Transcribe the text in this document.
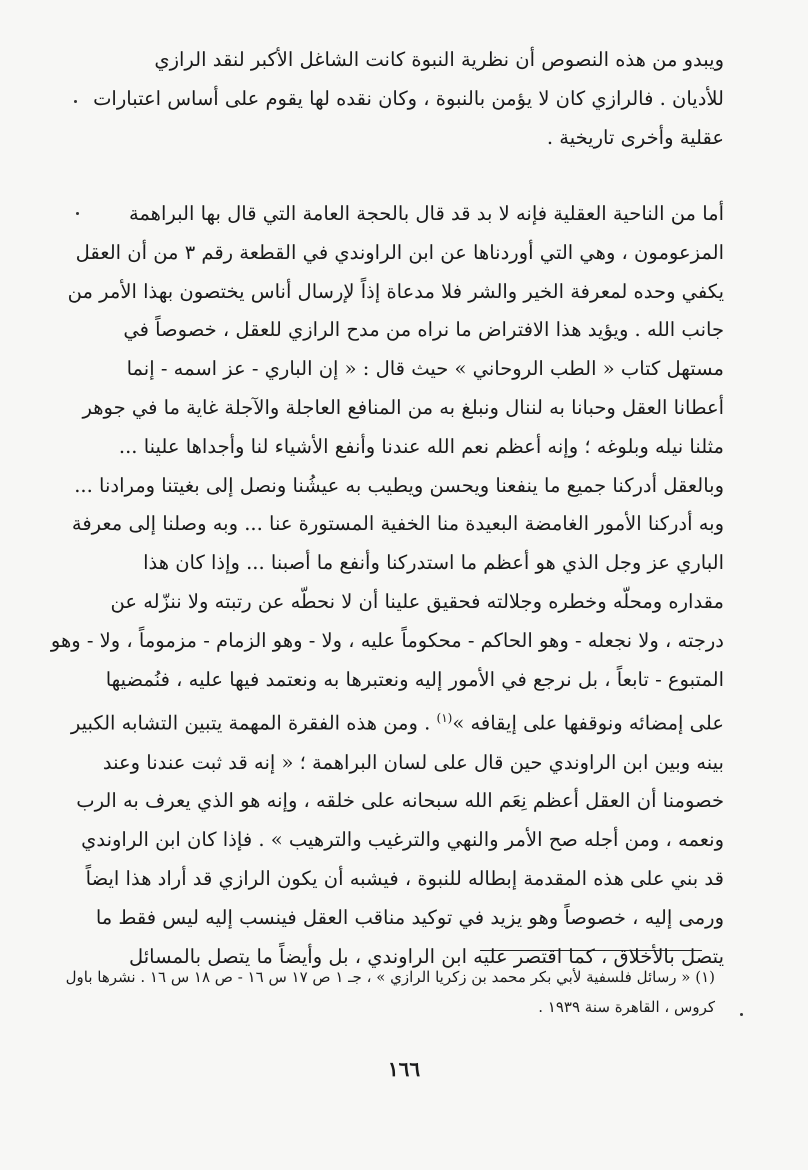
ويبدو من هذه النصوص أن نظرية النبوة كانت الشاغل الأكبر لنقد الرازي
للأديان . فالرازي كان لا يؤمن بالنبوة ، وكان نقده لها يقوم على أساس اعتبارات
عقلية وأخرى تاريخية .
أما من الناحية العقلية فإنه لا بد قد قال بالحجة العامة التي قال بها البراهمة
المزعومون ، وهي التي أوردناها عن ابن الراوندي في القطعة رقم ٣ من أن العقل
يكفي وحده لمعرفة الخير والشر فلا مدعاة إذاً لإرسال أناس يختصون بهذا الأمر من
جانب الله . ويؤيد هذا الافتراض ما نراه من مدح الرازي للعقل ، خصوصاً في
مستهل كتاب « الطب الروحاني » حيث قال : « إن الباري - عز اسمه - إنما
أعطانا العقل وحبانا به لننال ونبلغ به من المنافع العاجلة والآجلة غاية ما في جوهر
مثلنا نيله وبلوغه ؛ وإنه أعظم نعم الله عندنا وأنفع الأشياء لنا وأجداها علينا ...
وبالعقل أدركنا جميع ما ينفعنا ويحسن ويطيب به عيشُنا ونصل إلى بغيتنا ومرادنا ...
وبه أدركنا الأمور الغامضة البعيدة منا الخفية المستورة عنا ... وبه وصلنا إلى معرفة
الباري عز وجل الذي هو أعظم ما استدركنا وأنفع ما أصبنا ... وإذا كان هذا
مقداره ومحلّه وخطره وجلالته فحقيق علينا أن لا نحطّه عن رتبته ولا ننزّله عن
درجته ، ولا نجعله - وهو الحاكم - محكوماً عليه ، ولا - وهو الزمام - مزموماً ، ولا - وهو
المتبوع - تابعاً ، بل نرجع في الأمور إليه ونعتبرها به ونعتمد فيها عليه ، فنُمضيها
على إمضائه ونوقفها على إيقافه »$^{(١)}$ . ومن هذه الفقرة المهمة يتبين التشابه الكبير
بينه وبين ابن الراوندي حين قال على لسان البراهمة ؛ « إنه قد ثبت عندنا وعند
خصومنا أن العقل أعظم نِعَم الله سبحانه على خلقه ، وإنه هو الذي يعرف به الرب
ونعمه ، ومن أجله صح الأمر والنهي والترغيب والترهيب » . فإذا كان ابن الراوندي
قد بني على هذه المقدمة إبطاله للنبوة ، فيشبه أن يكون الرازي قد أراد هذا ايضاً
ورمى إليه ، خصوصاً وهو يزيد في توكيد مناقب العقل فينسب إليه ليس فقط ما
يتصل بالأخلاق ، كما اقتصر عليه ابن الراوندي ، بل وأيضاً ما يتصل بالمسائل
(١) « رسائل فلسفية لأبي بكر محمد بن زكريا الرازي » ، جـ ١ ص ١٧ س ١٦ - ص ١٨ س ١٦ . نشرها باول
كروس ، القاهرة سنة ١٩٣٩ .
١٦٦
